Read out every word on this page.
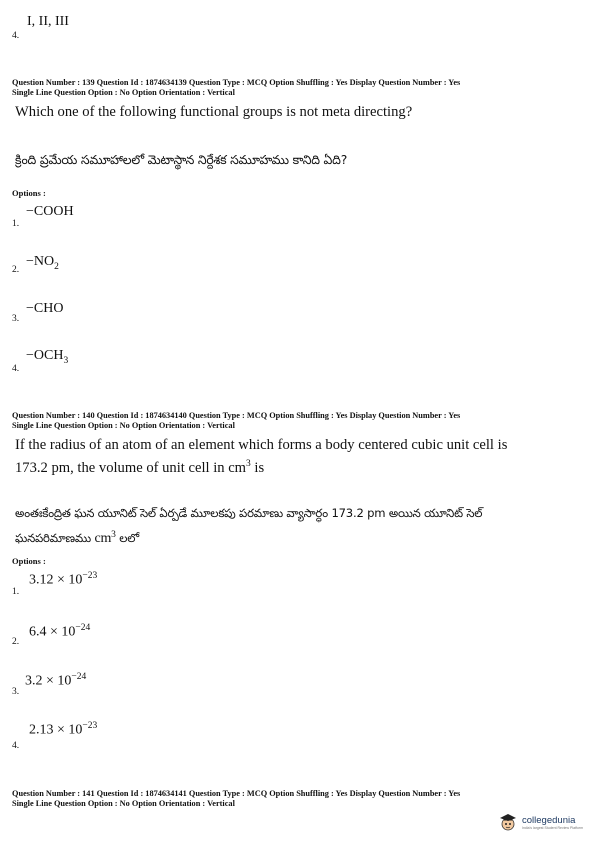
I, II, III
4.
Question Number : 139 Question Id : 1874634139 Question Type : MCQ Option Shuffling : Yes Display Question Number : Yes
Single Line Question Option : No Option Orientation : Vertical
Which one of the following functional groups is not meta directing?
క్రింది ప్రమేయ సమూహాలలో మెటాస్థాన నిర్దేశక సమూహము కానిది ఏది?
Options :
−COOH
1.
$-NO_2$
2.
−CHO
3.
$-OCH_3$
4.
Question Number : 140 Question Id : 1874634140 Question Type : MCQ Option Shuffling : Yes Display Question Number : Yes
Single Line Question Option : No Option Orientation : Vertical
If the radius of an atom of an element which forms a body centered cubic unit cell is
173.2 pm, the volume of unit cell in $cm^3$ is
అంతఃకేంద్రిత ఘన యూనిట్ సెల్ ఏర్పడే మూలకపు పరమాణు వ్యాసార్ధం 173.2 pm అయిన యూనిట్ సెల్
ఘనపరిమాణము $cm^3$ లలో
Options :
$3.12 \times 10^{-23}$
1.
$6.4 \times 10^{-24}$
2.
$3.2 \times 10^{-24}$
3.
$2.13 \times 10^{-23}$
4.
Question Number : 141 Question Id : 1874634141 Question Type : MCQ Option Shuffling : Yes Display Question Number : Yes
Single Line Question Option : No Option Orientation : Vertical
collegedunia
India's largest Student Review Platform
